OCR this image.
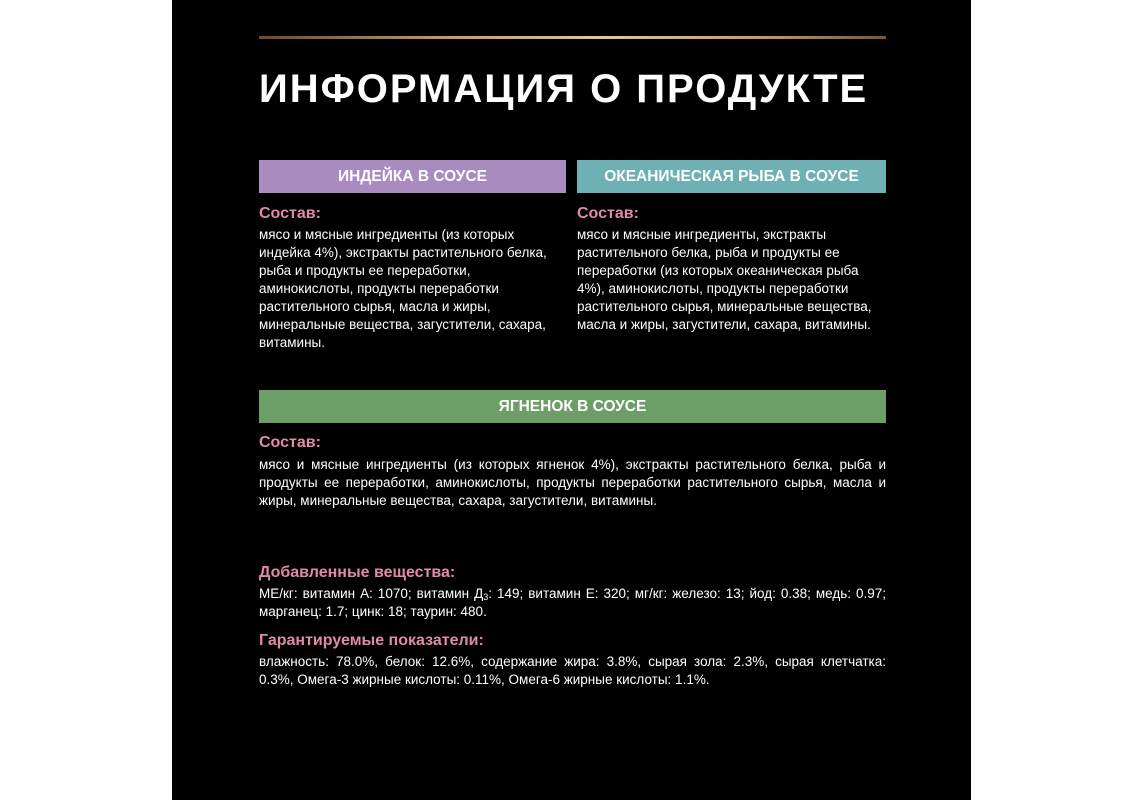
ИНФОРМАЦИЯ О ПРОДУКТЕ
ИНДЕЙКА В СОУСЕ
Состав:

мясо и мясные ингредиенты (из которых индейка 4%), экстракты растительного белка, рыба и продукты ее переработки, аминокислоты, продукты переработки растительного сырья, масла и жиры, минеральные вещества, загустители, сахара, витамины.

ОКЕАНИЧЕСКАЯ РЫБА В СОУСЕ
Состав:

мясо и мясные ингредиенты, экстракты растительного белка, рыба и продукты ее переработки (из которых океаническая рыба 4%), аминокислоты, продукты переработки растительного сырья, минеральные вещества, масла и жиры, загустители, сахара, витамины.

ЯГНЕНОК В СОУСЕ
Состав:

мясо и мясные ингредиенты (из которых ягненок 4%), экстракты растительного белка, рыба и продукты ее переработки, аминокислоты, продукты переработки растительного сырья, масла и жиры, минеральные вещества, сахара, загустители, витамины.

Добавленные вещества:

МЕ/кг: витамин А: 1070; витамин $Д_3$: 149; витамин Е: 320; мг/кг: железо: 13; йод: 0.38; медь: 0.97; марганец: 1.7; цинк: 18; таурин: 480.

Гарантируемые показатели:

влажность: 78.0%, белок: 12.6%, содержание жира: 3.8%, сырая зола: 2.3%, сырая клетчатка: 0.3%, Омега-3 жирные кислоты: 0.11%, Омега-6 жирные кислоты: 1.1%.
